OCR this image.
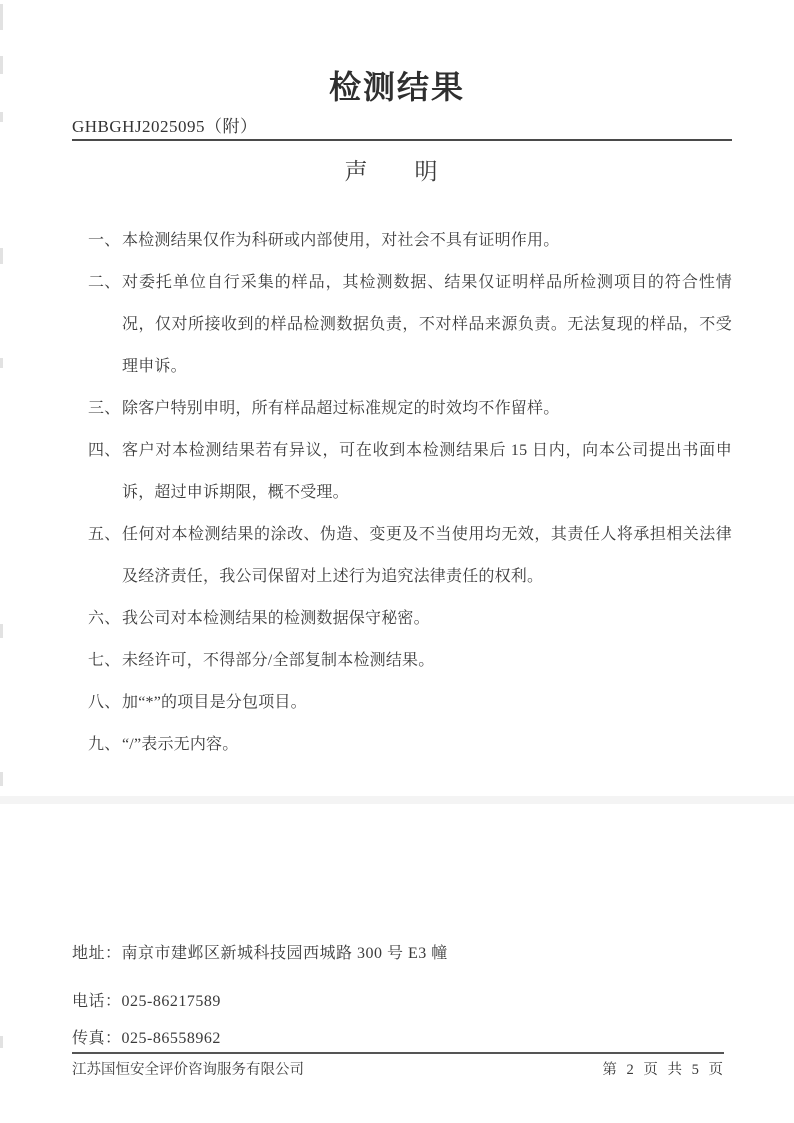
检测结果
GHBGHJ2025095（附）
声　明
一、 本检测结果仅作为科研或内部使用，对社会不具有证明作用。
二、 对委托单位自行采集的样品，其检测数据、结果仅证明样品所检测项目的符合性情况，仅对所接收到的样品检测数据负责，不对样品来源负责。无法复现的样品，不受理申诉。
三、 除客户特别申明，所有样品超过标准规定的时效均不作留样。
四、 客户对本检测结果若有异议，可在收到本检测结果后 15 日内，向本公司提出书面申诉，超过申诉期限，概不受理。
五、 任何对本检测结果的涂改、伪造、变更及不当使用均无效，其责任人将承担相关法律及经济责任，我公司保留对上述行为追究法律责任的权利。
六、 我公司对本检测结果的检测数据保守秘密。
七、 未经许可，不得部分/全部复制本检测结果。
八、 加“*”的项目是分包项目。
九、 “/”表示无内容。
地址：南京市建邺区新城科技园西城路 300 号 E3 幢
电话：025-86217589
传真：025-86558962
江苏国恒安全评价咨询服务有限公司	第 2 页 共 5 页
